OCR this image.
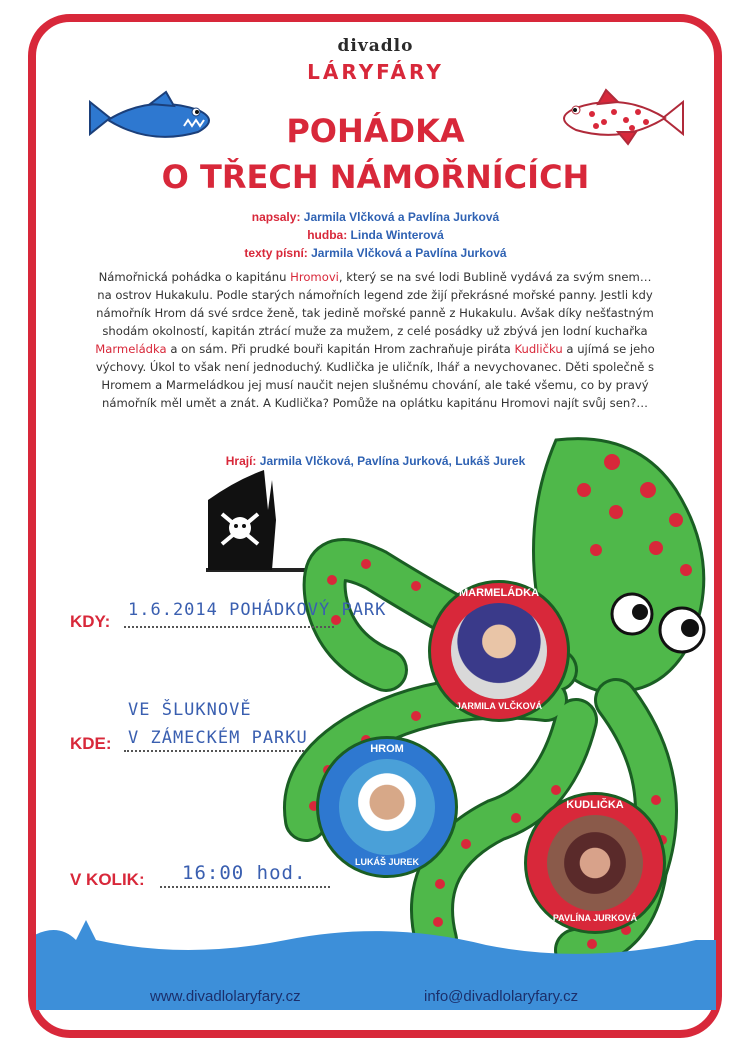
divadlo
LÁRYFÁRY
POHÁDKA
O TŘECH NÁMOŘNÍCÍCH
napsaly: Jarmila Vlčková a Pavlína Jurková
hudba: Linda Winterová
texty písní: Jarmila Vlčková a Pavlína Jurková
Námořnická pohádka o kapitánu Hromovi, který se na své lodi Bublině vydává za svým snem… na ostrov Hukakulu. Podle starých námořních legend zde žijí překrásné mořské panny. Jestli kdy námořník Hrom dá své srdce ženě, tak jedině mořské panně z Hukakulu. Avšak díky nešťastným shodám okolností, kapitán ztrácí muže za mužem, z celé posádky už zbývá jen lodní kuchařka Marmeládka a on sám. Při prudké bouři kapitán Hrom zachraňuje piráta Kudličku a ujímá se jeho výchovy. Úkol to však není jednoduchý. Kudlička je uličník, lhář a nevychovanec. Děti společně s Hromem a Marmeládkou jej musí naučit nejen slušnému chování, ale také všemu, co by pravý námořník měl umět a znát. A Kudlička? Pomůže na oplátku kapitánu Hromovi najít svůj sen?…
Hrají: Jarmila Vlčková, Pavlína Jurková, Lukáš Jurek
MARMELÁDKA
JARMILA VLČKOVÁ
HROM
LUKÁŠ JUREK
KUDLIČKA
PAVLÍNA JURKOVÁ
KDY:
1.6.2014 POHÁDKOVÝ PARK
VE ŠLUKNOVĚ
KDE: V ZÁMECKÉM PARKU
V KOLIK: 16:00 hod.
www.divadlolaryfary.cz	info@divadlolaryfary.cz
